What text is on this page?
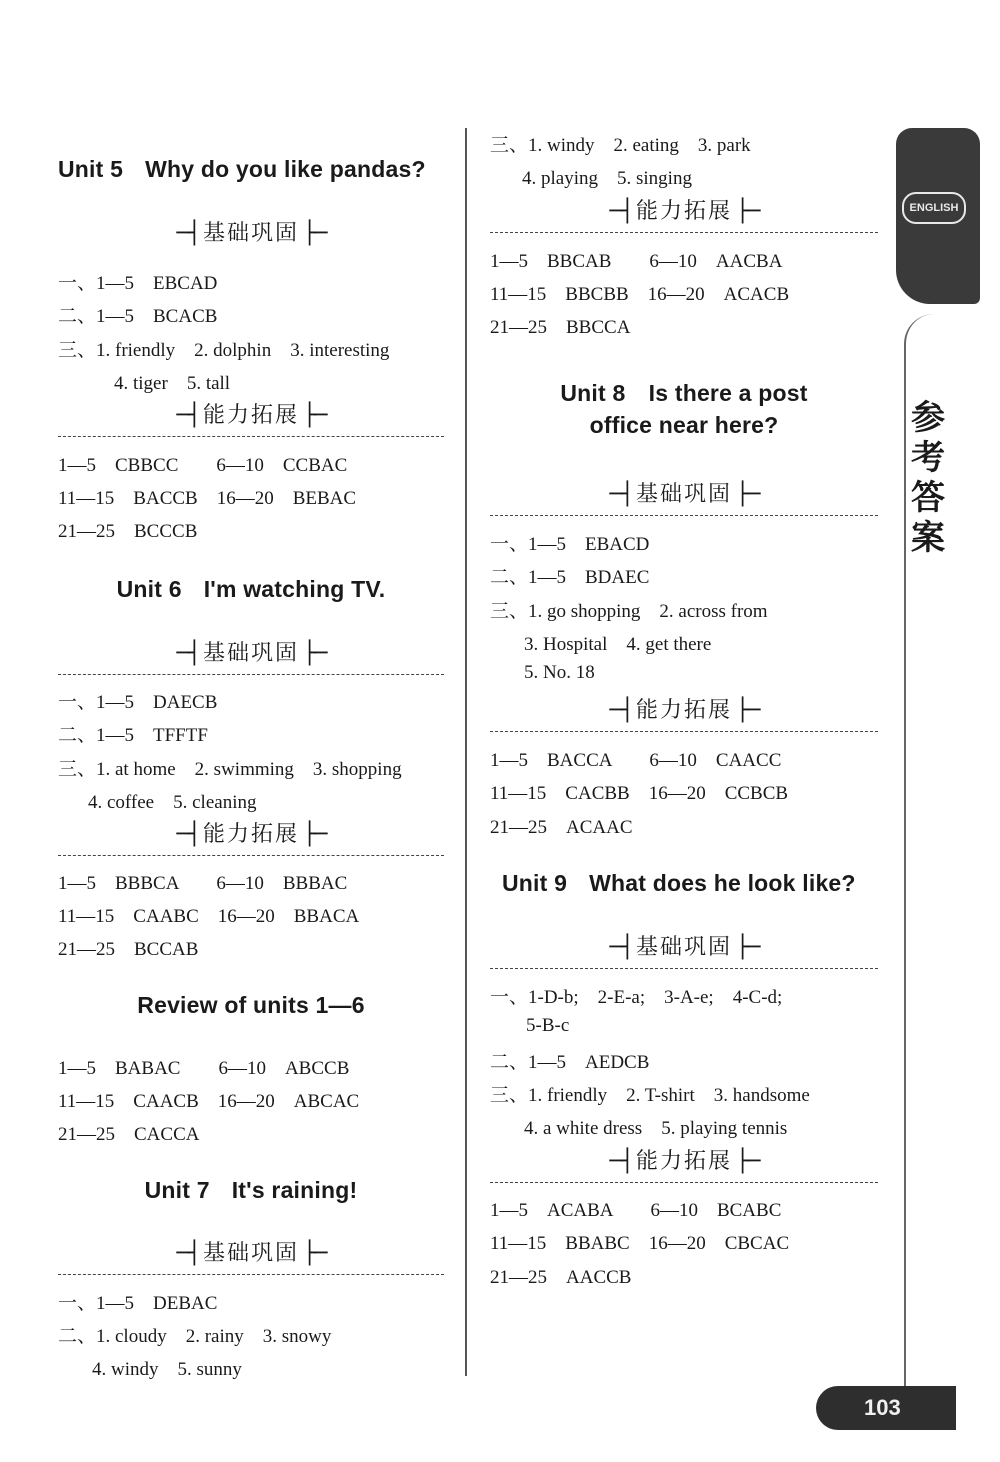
Unit 5 Why do you like pandas?
─┤ 基础巩固 ├─
一、1—5　EBCAD
二、1—5　BCACB
三、1. friendly　2. dolphin　3. interesting
4. tiger　5. tall
─┤ 能力拓展 ├─
1—5　CBBCC　　6—10　CCBAC
11—15　BACCB　16—20　BEBAC
21—25　BCCCB
Unit 6 I'm watching TV.
─┤ 基础巩固 ├─
一、1—5　DAECB
二、1—5　TFFTF
三、1. at home　2. swimming　3. shopping
4. coffee　5. cleaning
─┤ 能力拓展 ├─
1—5　BBBCA　　6—10　BBBAC
11—15　CAABC　16—20　BBACA
21—25　BCCAB
Review of units 1—6
1—5　BABAC　　6—10　ABCCB
11—15　CAACB　16—20　ABCAC
21—25　CACCA
Unit 7 It's raining!
─┤ 基础巩固 ├─
一、1—5　DEBAC
二、1. cloudy　2. rainy　3. snowy
4. windy　5. sunny
三、1. windy　2. eating　3. park
4. playing　5. singing
─┤ 能力拓展 ├─
1—5　BBCAB　　6—10　AACBA
11—15　BBCBB　16—20　ACACB
21—25　BBCCA
Unit 8　Is there a post
office near here?
─┤ 基础巩固 ├─
一、1—5　EBACD
二、1—5　BDAEC
三、1. go shopping　2. across from
3. Hospital　4. get there
5. No. 18
─┤ 能力拓展 ├─
1—5　BACCA　　6—10　CAACC
11—15　CACBB　16—20　CCBCB
21—25　ACAAC
Unit 9 What does he look like?
─┤ 基础巩固 ├─
一、1-D-b;　2-E-a;　3-A-e;　4-C-d;
5-B-c
二、1—5　AEDCB
三、1. friendly　2. T-shirt　3. handsome
4. a white dress　5. playing tennis
─┤ 能力拓展 ├─
1—5　ACABA　　6—10　BCABC
11—15　BBABC　16—20　CBCAC
21—25　AACCB
ENGLISH
参
考
答
案
103
